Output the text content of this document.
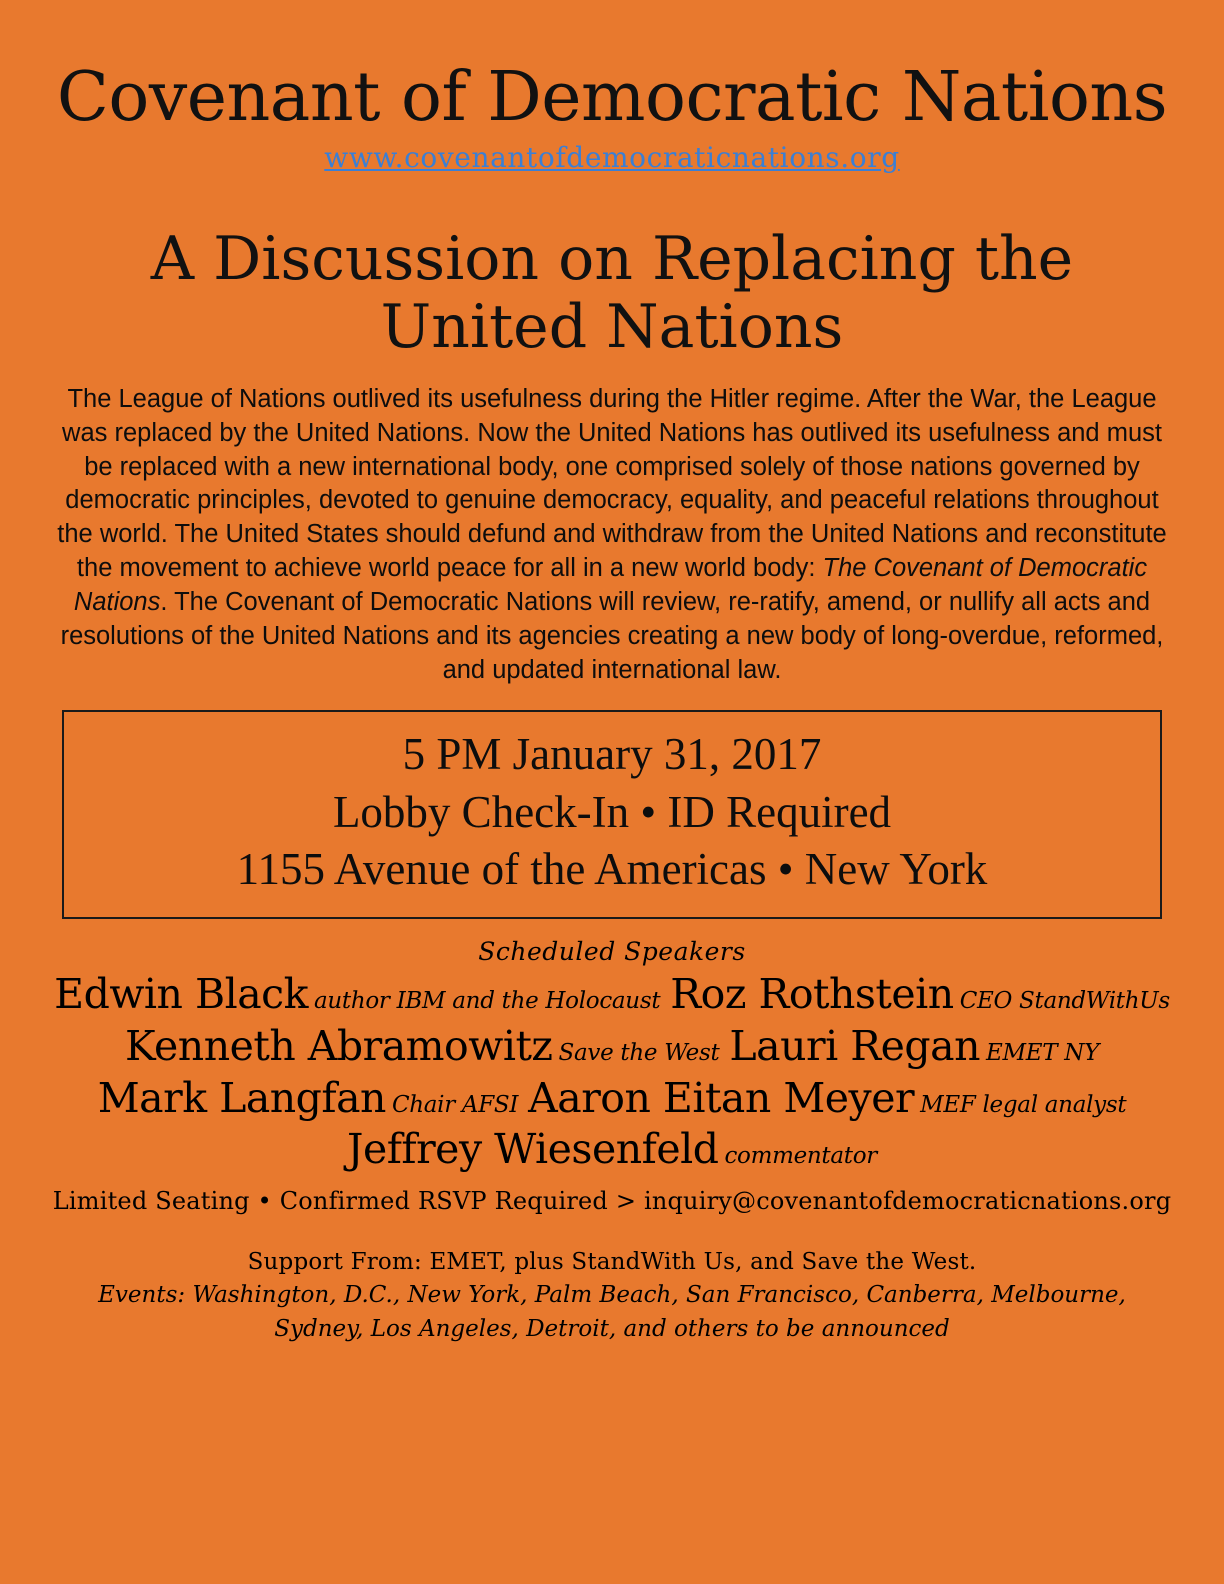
Covenant of Democratic Nations
www.covenantofdemocraticnations.org
A Discussion on Replacing the
United Nations

The League of Nations outlived its usefulness during the Hitler regime. After the War, the League was replaced by the United Nations. Now the United Nations has outlived its usefulness and must be replaced with a new international body, one comprised solely of those nations governed by democratic principles, devoted to genuine democracy, equality, and peaceful relations throughout the world. The United States should defund and withdraw from the United Nations and reconstitute the movement to achieve world peace for all in a new world body: The Covenant of Democratic Nations. The Covenant of Democratic Nations will review, re-ratify, amend, or nullify all acts and resolutions of the United Nations and its agencies creating a new body of long-overdue, reformed, and updated international law.

5 PM January 31, 2017
Lobby Check-In • ID Required
1155 Avenue of the Americas • New York
Scheduled Speakers
Edwin Black author IBM and the Holocaust Roz Rothstein CEO StandWithUs
Kenneth Abramowitz Save the West Lauri Regan EMET NY
Mark Langfan Chair AFSI Aaron Eitan Meyer MEF legal analyst
Jeffrey Wiesenfeld commentator
Limited Seating • Confirmed RSVP Required > inquiry@covenantofdemocraticnations.org
Support From: EMET, plus StandWith Us, and Save the West.
Events: Washington, D.C., New York, Palm Beach, San Francisco, Canberra, Melbourne, Sydney, Los Angeles, Detroit, and others to be announced
